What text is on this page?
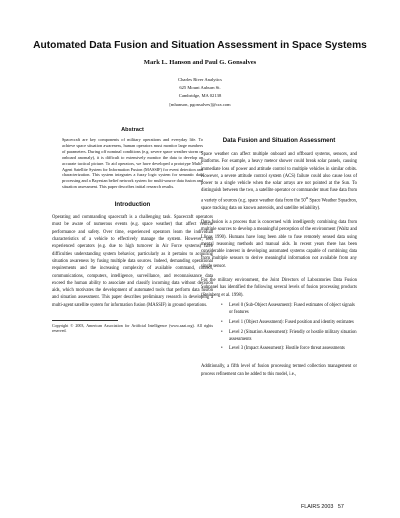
Automated Data Fusion and Situation Assessment in Space Systems
Mark L. Hanson and Paul G. Gonsalves
Charles River Analytics
625 Mount Auburn St.
Cambridge, MA 02138
[mhanson, pgonsalves]@cra.com
Abstract

Spacecraft are key components of military operations and everyday life. To achieve space situation awareness, human operators must monitor large numbers of parameters. During off nominal conditions (e.g. severe space weather storm or onboard anomaly), it is difficult to extensively monitor the data to develop an accurate tactical picture. To aid operators, we have developed a prototype Multi-Agent Satellite System for Information Fusion (MASSIF) for event detection and characterization. This system integrates a fuzzy logic system for semantic data processing and a Bayesian belief network system for multi-source data fusion and situation assessment. This paper describes initial research results.

Introduction

Operating and commanding spacecraft is a challenging task. Spacecraft operators must be aware of numerous events (e.g. space weather) that affect vehicle performance and safety. Over time, experienced operators learn the individual characteristics of a vehicle to effectively manage the system. However, less experienced operators (e.g. due to high turnover in Air Force systems) have difficulties understanding system behavior, particularly as it pertains to acquiring situation awareness by fusing multiple data sources. Indeed, demanding operational requirements and the increasing complexity of available command, control, communications, computers, intelligence, surveillance, and reconnaissance data exceed the human ability to associate and classify incoming data without decision aids, which motivates the development of automated tools that perform data fusion and situation assessment. This paper describes preliminary research in developing a multi-agent satellite system for information fusion (MASSIF) in ground operations.

Copyright © 2003, American Association for Artificial Intelligence (www.aaai.org). All rights reserved.

Data Fusion and Situation Assessment

Space weather can affect multiple onboard and offboard systems, sensors, and platforms. For example, a heavy meteor shower could break solar panels, causing immediate loss of power and attitude control to multiple vehicles in similar orbits. However, a severe attitude control system (ACS) failure could also cause loss of power to a single vehicle when the solar arrays are not pointed at the Sun. To distinguish between the two, a satellite operator or commander must fuse data from a variety of sources (e.g. space weather data from the 50th Space Weather Squadron, space tracking data on known asteroids, and satellite reliability).

Data fusion is a process that is concerned with intelligently combining data from multiple sources to develop a meaningful perception of the environment (Waltz and Llinas 1990). Humans have long been able to fuse remotely sensed data using mental reasoning methods and manual aids. In recent years there has been considerable interest in developing automated systems capable of combining data from multiple sensors to derive meaningful information not available from any single sensor.

For the military environment, the Joint Directors of Laboratories Data Fusion Subpanel has identified the following several levels of fusion processing products (Steinberg et al. 1998).

• Level 0 (Sub-Object Assessment): Fused estimates of object signals or features
• Level 1 (Object Assessment): Fused position and identity estimates
• Level 2 (Situation Assessment): Friendly or hostile military situation assessments
• Level 3 (Impact Assessment): Hostile force threat assessments

Additionally, a fifth level of fusion processing termed collection management or process refinement can be added to this model, i.e.,

FLAIRS 2003 57
